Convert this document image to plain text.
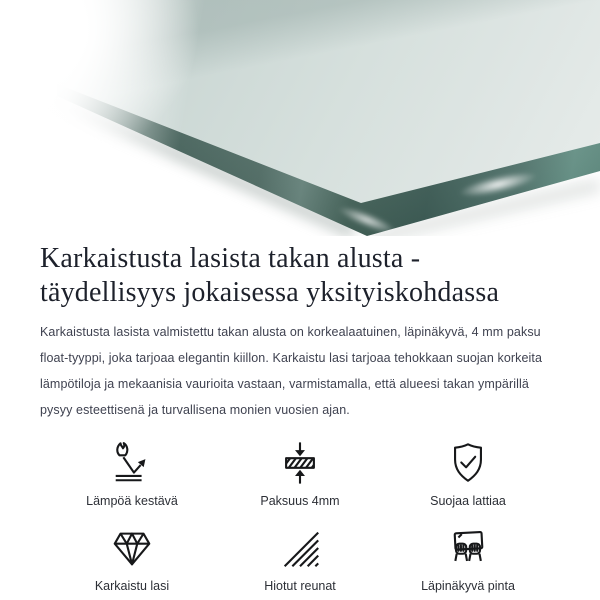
Karkaistusta lasista takan alusta - täydellisyys jokaisessa yksityiskohdassa

Karkaistusta lasista valmistettu takan alusta on korkealaatuinen, läpinäkyvä, 4 mm paksu float-tyyppi, joka tarjoaa elegantin kiillon. Karkaistu lasi tarjoaa tehokkaan suojan korkeita lämpötiloja ja mekaanisia vaurioita vastaan, varmistamalla, että alueesi takan ympärillä pysyy esteettisenä ja turvallisena monien vuosien ajan.

Lämpöä kestävä	Paksuus 4mm	Suojaa lattiaa
Karkaistu lasi	Hiotut reunat	Läpinäkyvä pinta
